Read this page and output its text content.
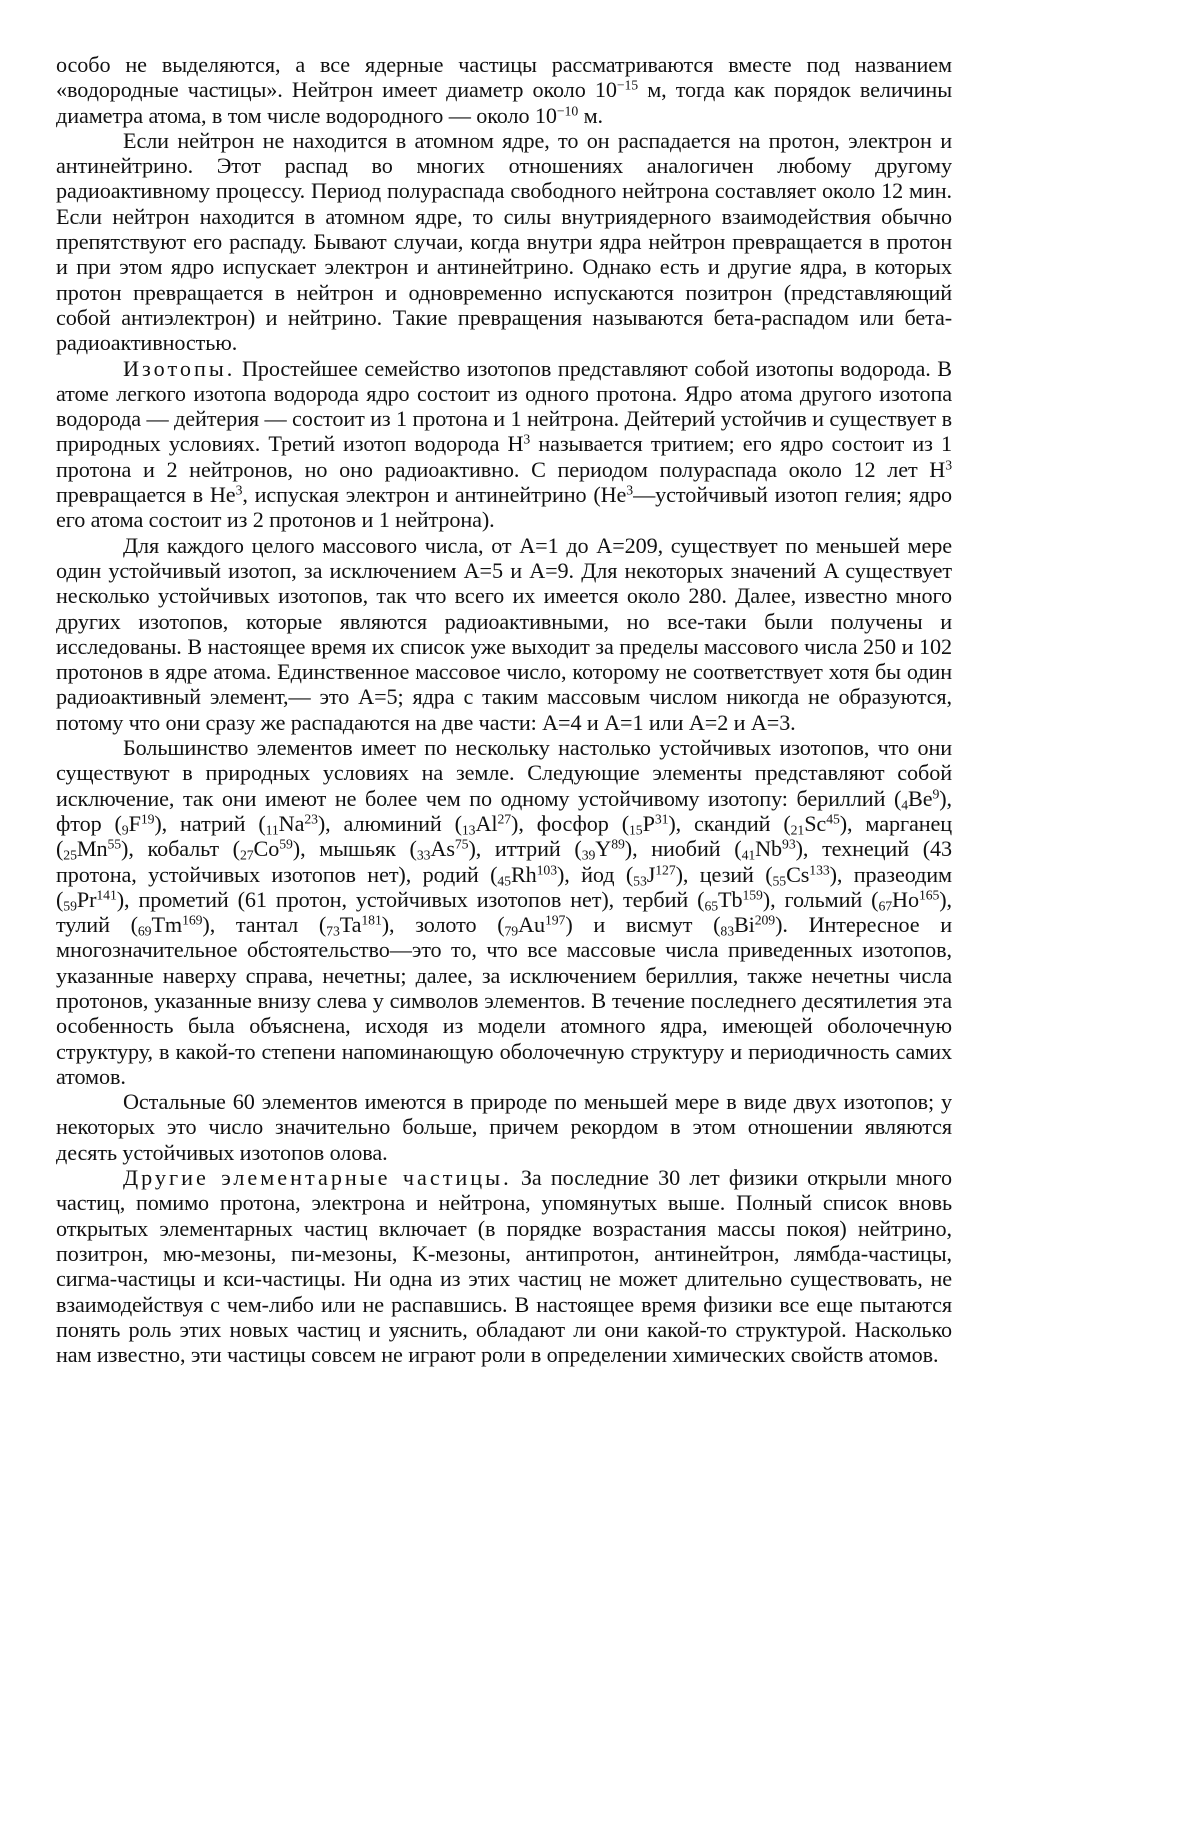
особо не выделяются, а все ядерные частицы рассматриваются вместе под названием «водородные частицы». Нейтрон имеет диаметр около $10^{-15}$ м, тогда как порядок величины диаметра атома, в том числе водородного — около $10^{-10}$ м.

Если нейтрон не находится в атомном ядре, то он распадается на протон, электрон и антинейтрино. Этот распад во многих отношениях аналогичен любому другому радиоактивному процессу. Период полураспада свободного нейтрона составляет около 12 мин. Если нейтрон находится в атомном ядре, то силы внутриядерного взаимодействия обычно препятствуют его распаду. Бывают случаи, когда внутри ядра нейтрон превращается в протон и при этом ядро испускает электрон и антинейтрино. Однако есть и другие ядра, в которых протон превращается в нейтрон и одновременно испускаются позитрон (представляющий собой антиэлектрон) и нейтрино. Такие превращения называются бета-распадом или бета-радиоактивностью.

Изотопы. Простейшее семейство изотопов представляют собой изотопы водорода. В атоме легкого изотопа водорода ядро состоит из одного протона. Ядро атома другого изотопа водорода — дейтерия — состоит из 1 протона и 1 нейтрона. Дейтерий устойчив и существует в природных условиях. Третий изотоп водорода $H^3$ называется тритием; его ядро состоит из 1 протона и 2 нейтронов, но оно радиоактивно. С периодом полураспада около 12 лет $H^3$ превращается в He$^3$, испуская электрон и антинейтрино (He$^3$—устойчивый изотоп гелия; ядро его атома состоит из 2 протонов и 1 нейтрона).

Для каждого целого массового числа, от A=1 до A=209, существует по меньшей мере один устойчивый изотоп, за исключением A=5 и A=9. Для некоторых значений A существует несколько устойчивых изотопов, так что всего их имеется около 280. Далее, известно много других изотопов, которые являются радиоактивными, но все-таки были получены и исследованы. В настоящее время их список уже выходит за пределы массового числа 250 и 102 протонов в ядре атома. Единственное массовое число, которому не соответствует хотя бы один радиоактивный элемент,— это A=5; ядра с таким массовым числом никогда не образуются, потому что они сразу же распадаются на две части: A=4 и A=1 или A=2 и A=3.

Большинство элементов имеет по нескольку настолько устойчивых изотопов, что они существуют в природных условиях на земле. Следующие элементы представляют собой исключение, так они имеют не более чем по одному устойчивому изотопу: бериллий $(_4Be^9)$, фтор $(_9F^{19})$, натрий $(_{11}Na^{23})$, алюминий $(_{13}Al^{27})$, фосфор $(_{15}P^{31})$, скандий $(_{21}Sc^{45})$, марганец $(_{25}Mn^{55})$, кобальт $(_{27}Co^{59})$, мышьяк $(_{33}As^{75})$, иттрий $(_{39}Y^{89})$, ниобий $(_{41}Nb^{93})$, технеций (43 протона, устойчивых изотопов нет), родий $(_{45}Rh^{103})$, йод $(_{53}J^{127})$, цезий $(_{55}Cs^{133})$, празеодим $(_{59}Pr^{141})$, прометий (61 протон, устойчивых изотопов нет), тербий $(_{65}Tb^{159})$, гольмий $(_{67}Ho^{165})$, тулий $(_{69}Tm^{169})$, тантал $(_{73}Ta^{181})$, золото $(_{79}Au^{197})$ и висмут $(_{83}Bi^{209})$. Интересное и многозначительное обстоятельство—это то, что все массовые числа приведенных изотопов, указанные наверху справа, нечетны; далее, за исключением бериллия, также нечетны числа протонов, указанные внизу слева у символов элементов. В течение последнего десятилетия эта особенность была объяснена, исходя из модели атомного ядра, имеющей оболочечную структуру, в какой-то степени напоминающую оболочечную структуру и периодичность самих атомов.

Остальные 60 элементов имеются в природе по меньшей мере в виде двух изотопов; у некоторых это число значительно больше, причем рекордом в этом отношении являются десять устойчивых изотопов олова.

Другие элементарные частицы. За последние 30 лет физики открыли много частиц, помимо протона, электрона и нейтрона, упомянутых выше. Полный список вновь открытых элементарных частиц включает (в порядке возрастания массы покоя) нейтрино, позитрон, мю-мезоны, пи-мезоны, K-мезоны, антипротон, антинейтрон, лямбда-частицы, сигма-частицы и кси-частицы. Ни одна из этих частиц не может длительно существовать, не взаимодействуя с чем-либо или не распавшись. В настоящее время физики все еще пытаются понять роль этих новых частиц и уяснить, обладают ли они какой-то структурой. Насколько нам известно, эти частицы совсем не играют роли в определении химических свойств атомов.
